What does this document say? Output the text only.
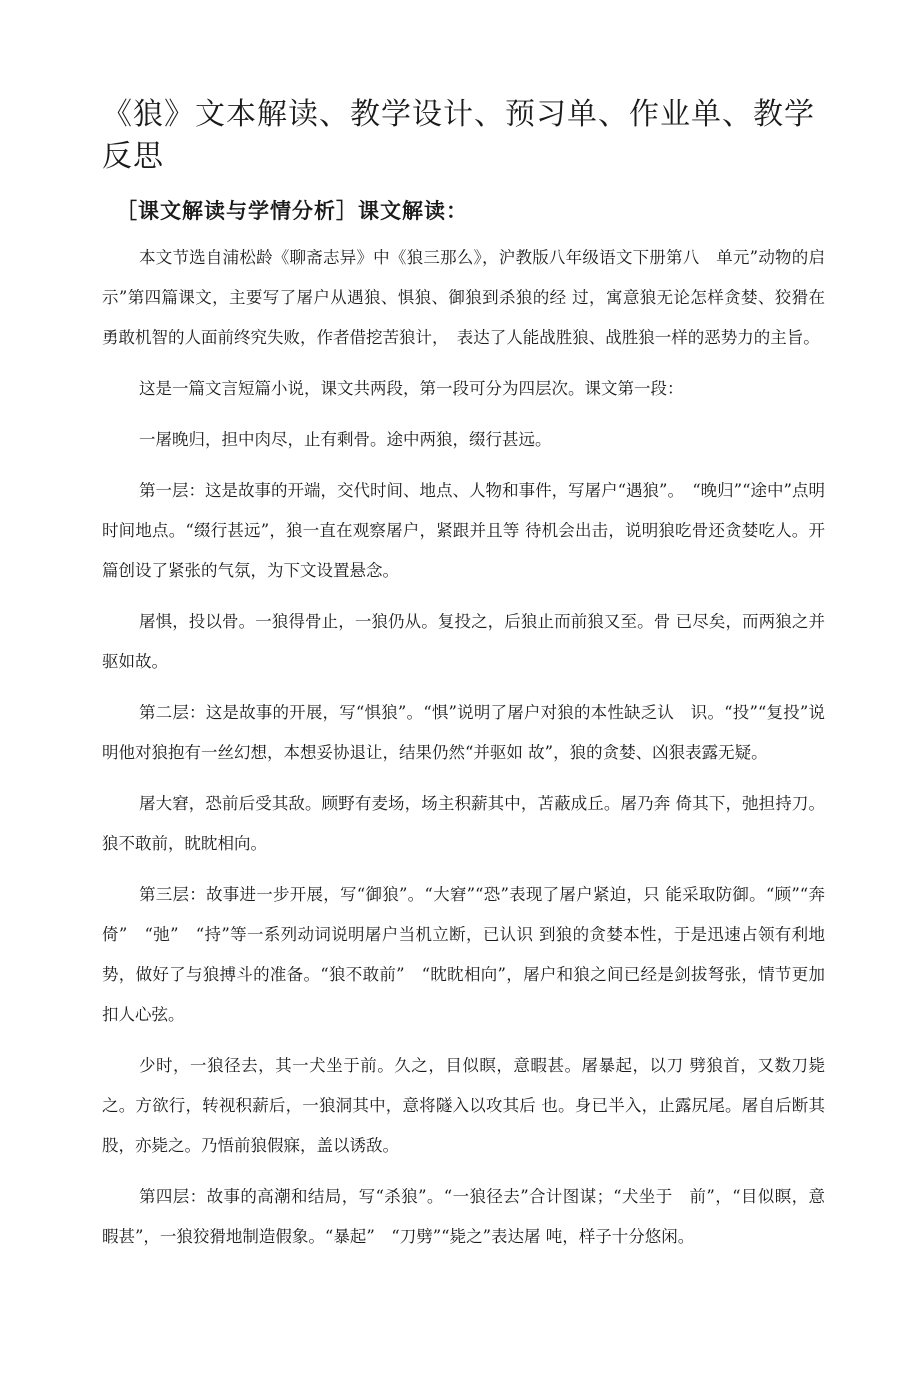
《狼》文本解读、教学设计、预习单、作业单、教学反思
［课文解读与学情分析］课文解读：

本文节选自浦松龄《聊斋志异》中《狼三那么》，沪教版八年级语文下册第八　单元”动物的启示”第四篇课文，主要写了屠户从遇狼、惧狼、御狼到杀狼的经 过，寓意狼无论怎样贪婪、狡猾在勇敢机智的人面前终究失败，作者借挖苦狼计，　表达了人能战胜狼、战胜狼一样的恶势力的主旨。

这是一篇文言短篇小说，课文共两段，第一段可分为四层次。课文第一段：

一屠晚归，担中肉尽，止有剩骨。途中两狼，缀行甚远。

第一层：这是故事的开端，交代时间、地点、人物和事件，写屠户“遇狼”。　“晚归”“途中”点明时间地点。“缀行甚远”，狼一直在观察屠户，紧跟并且等 待机会出击，说明狼吃骨还贪婪吃人。开篇创设了紧张的气氛，为下文设置悬念。

屠惧，投以骨。一狼得骨止，一狼仍从。复投之，后狼止而前狼又至。骨 已尽矣，而两狼之并驱如故。

第二层：这是故事的开展，写“惧狼”。“惧”说明了屠户对狼的本性缺乏认　识。“投”“复投”说明他对狼抱有一丝幻想，本想妥协退让，结果仍然“并驱如 故”，狼的贪婪、凶狠表露无疑。

屠大窘，恐前后受其敌。顾野有麦场，场主积薪其中，苫蔽成丘。屠乃奔 倚其下，弛担持刀。狼不敢前，眈眈相向。

第三层：故事进一步开展，写“御狼”。“大窘”“恐”表现了屠户紧迫，只 能采取防御。“顾”“奔倚”　“弛”　“持”等一系列动词说明屠户当机立断，已认识 到狼的贪婪本性，于是迅速占领有利地势，做好了与狼搏斗的准备。“狼不敢前”　“眈眈相向”，屠户和狼之间已经是剑拔弩张，情节更加扣人心弦。

少时，一狼径去，其一犬坐于前。久之，目似瞑，意暇甚。屠暴起，以刀 劈狼首，又数刀毙之。方欲行，转视积薪后，一狼洞其中，意将隧入以攻其后 也。身已半入，止露尻尾。屠自后断其股，亦毙之。乃悟前狼假寐，盖以诱敌。

第四层：故事的高潮和结局，写“杀狼”。“一狼径去”合计图谋；“犬坐于　前”，“目似瞑，意暇甚”，一狼狡猾地制造假象。“暴起”　“刀劈”“毙之”表达屠 吨，样子十分悠闲。
